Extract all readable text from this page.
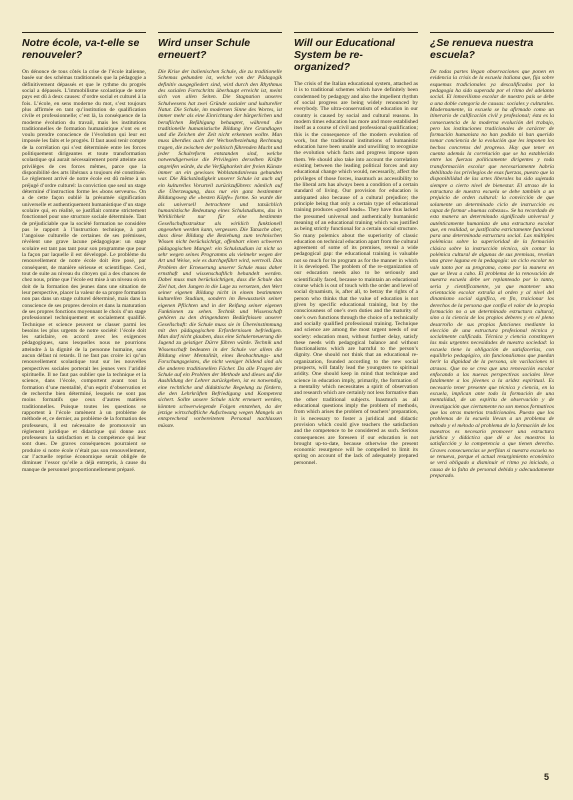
Notre école, va-t-elle se renouveler?

On dénonce de tous côtés la crise de l’école italienne, basée sur des schémas traditionnels que la pédagogie a définitivement dépassés et que le rythme du progrès social a dépassés. L’immobilisme scolastique de notre pays est dû à deux causes: d’ordre social et culturel à la fois. L’école, en sens moderne du mot, s’est toujours plus affirmée en tant qu’institution de qualification civile et professionnelle; c’est là, la conséquence de la moderne évolution du travail, mais les institutions traditionnelles de formation humanistique s’ont eu et voulu prendre conscience de l’évolution qui leur est imposée les faits et le progrès. Il faut aussi tenir compte de la corrélation qui s’est déterminée entre les forces politiquement dirigeantes et toute transformation scolastique qui aurait nécessairement porté atteinte aux privilèges de ces forces mêmes, parce que la disponibilité des arts libéraux a toujours été constituée. Le règlement arrivé de notre école est dû même à un préjugé d’ordre culturel: la conviction que seul un stage déterminé d’instruction forme les «bons serveurs». On a de cette façon oublié la présumée signification universelle et authentiquement humanistique d’un stage scolaire qui, en réalité, se justifiait comme strictement fonctionnel pour une structure sociale déterminée. Tant de préjudiciable que la société formation ne considère pas le rapport à l’instruction technique, à part l’angoisse culturelle de certaines de ses prémisses, révèlent une grave lacune pédagogique: un stage scolaire est tant pas tant pour son programme que pour la façon par laquelle il est développé. Le problème du renouvellement de notre école doit être posé, par conséquent, de manière sérieuse et scientifique. Ceci, tout de suite au niveau du citoyen qui a des chances de chez nous, prime que l’école est mise à un niveau où on doit de la formation des jeunes dans une situation de leur perspective, placer la valeur de sa propre formation non pas dans un stage culturel déterminé, mais dans la conscience de ses propres devoirs et dans la maturation de ses propres fonctions moyennant le choix d’un stage professionnel techniquement et socialement qualifié. Technique et science peuvent se classer parmi les besoins les plus urgents de notre société: l’école doit les satisfaire, en accord avec les exigences pédagogiques, sans lesquelles nous ne pourrions atteindre à la dignité de la personne humaine, sans aucun défaut ni retards. Il ne faut pas croire ici qu’un renouvellement scolastique tout sur les nouvelles perspectives sociales porterait les jeunes vers l’aridité spirituelle. Il ne faut pas oublier que la technique et la science, dans l’école, comportent avant tout la formation d’une mentalité, d’un esprit d’observation et de recherche bien déterminé, lesquels ne sont pas moins formatifs que ceux d’autres matières traditionnelles. Puisque toutes les questions se rapportent à l’école ramènent à un problème de méthode et, ce dernier, au problème de la formation des professeurs, il est nécessaire de promouvoir un règlement juridique et didactique qui donne aux professeurs la satisfaction et la compétence qui leur sont dues. De graves conséquences pourraient se produire si notre école n’était pas son renouvellement, car l’actuelle reprise économique serait obligée de diminuer l’essor qu’elle a déjà entrepris, à cause du manque de personnel proportionnellement préparé.

Wird unser Schule erneuert?

Die Krise der italienischen Schule, die zu traditionelle Schemas gebunden ist, welche von der Pädagogik definitiv ausgegliedert sind, wird durch den Rhythmus des sozialen Fortschritts überhaupt erreicht ist, meint sich von allen Seiten. Die Stagnation unseres Schulwesens hat zwei Gründe sozialer und kultureller Natur. Die Schule, im modernen Sinne des Wortes, ist immer mehr als eine Einrichtung der bürgerlichen und beruflichen Befähigung behauptet, während die traditionelle humanistische Bildung ihre Grundlagen und die Zeichen der Zeit nicht erkennen wollte. Man muss überdies auch der Wechselbeziehung Rechnung tragen, die zwischen der politisch führenden Macht und jeder Schulreform entstanden sind, welche notwendigerweise die Privilegien derselben Kräfte angreifen würde, da die Verfügbarkeit der freien Künste immer an ein gewisses Wohlstandsniveau gebunden war. Die Rückständigkeit unserer Schule ist auch auf ein kulturelles Vorurteil zurückzuführen: nämlich auf die Überzeugung, dass nur ein ganz bestimmter Bildungsweg die «besten Köpfe» forme. So wurde die als universell betrachtete und tatsächlich humanistische Bedeutung eines Schulstudiums, das in Wirklichkeit nur für eine bestimmte Gesellschaftsstruktur als wirklich funktionell angesehen werden kann, vergessen. Die Tatsache aber, dass diese Bildung die Beziehung zum technischen Wissen nicht berücksichtigt, offenbart einen schweren pädagogischen Mangel: ein Schulstudium ist nicht so sehr wegen seines Programms als vielmehr wegen der Art und Weise, wie es durchgeführt wird, wertvoll. Das Problem der Erneuerung unserer Schule muss daher ernsthaft und wissenschaftlich behandelt werden. Dabei muss man berücksichtigen, dass die Schule das Ziel hat, den Jungen in die Lage zu versetzen, den Wert seiner eigenen Bildung nicht in einem bestimmten kulturellen Studium, sondern im Bewusstsein seiner eigenen Pflichten und in der Reifung seiner eigenen Funktionen zu sehen. Technik und Wissenschaft gehören zu den dringendsten Bedürfnissen unserer Gesellschaft: die Schule muss sie in Übereinstimmung mit den pädagogischen Erfordernissen befriedigen. Man darf nicht glauben, dass eine Schulerneuerung die Jugend zu geistiger Dürre führen würde. Technik und Wissenschaft bedeuten in der Schule vor allem die Bildung einer Mentalität, eines Beobachtungs- und Forschungsgeistes, die nicht weniger bildend sind als die anderen traditionellen Fächer. Da alle Fragen der Schule auf ein Problem der Methode und dieses auf die Ausbildung der Lehrer zurückgehen, ist es notwendig, eine rechtliche und didaktische Regelung zu fördern, die den Lehrkräften Befriedigung und Kompetenz sichert. Sollte unsere Schule nicht erneuert werden, könnten schwerwiegende Folgen entstehen, da der jetzige wirtschaftliche Aufschwung wegen Mangels an entsprechend vorbereitetem Personal nachlassen müsste.

Will our Educational System be re-organized?

The crisis of the Italian educational system, attached as it is to traditional schemes which have definitely been condemned by pedagogy and also the impellent rhythm of social progress are being widely renounced by everybody. The ultra-conservatism of education in our country is caused by social and cultural reasons. In modern times education has more and more established itself as a course of civil and professional qualification; this is the consequence of the modern evolution of work, but the traditional institutions of humanistic education have been unable and unwilling to recognize the evolution which facts and progress impose upon them. We should also take into account the correlation existing between the leading political forces and any educational change which would, necessarily, affect the privileges of those forces, inasmuch as accessibility to the liberal arts has always been a condition of a certain standard of living. Our provision for education is antiquated also because of a cultural prejudice; the principle being that only a certain type of educational training produces «good heads». They have thus lacked the presumed universal and authentically humanistic meaning of an educational training which was justified as being strictly functional for a certain social structure. So many polemics about the superiority of classic education on technical education apart from the cultural agreement of some of its premises, reveal a wide pedagogical gap: the educational training is valuable not so much for its program as for the manner in which it is developed. The problem of the re-organization of our education needs also to be seriously and scientifically faced, because to maintain an educational course which is out of touch with the order and level of social dynamism, is, after all, to betray the rights of a person who thinks that the value of education is not given by specific educational training, but by the consciousness of one’s own duties and the maturity of one’s own functions through the choice of a technically and socially qualified professional training. Technique and science are among the most urgent needs of our society: education must, without further delay, satisfy these needs with pedagogical balance and without functionalisms which are harmful to the person’s dignity. One should not think that an educational re-organization, founded according to the new social prospects, will fatally lead the youngsters to spiritual aridity. One should keep in mind that technique and science in education imply, primarily, the formation of a mentality which necessitates a spirit of observation and research which are certainly not less formative than the other traditional subjects. Inasmuch as all educational questions imply the problem of methods, from which arises the problem of teachers’ preparation, it is necessary to foster a juridical and didactic provision which could give teachers the satisfaction and the competence to be considered as such. Serious consequences are foreseen if our education is not brought up-to-date, because otherwise the present economic resurgence will be compelled to limit its spring on account of the lack of adequately prepared personnel.

¿Se renueva nuestra escuela?

De todas partes llegan observaciones que ponen en evidencia la crisis de la escuela italiana que, fija sobre esquemas tradicionales ya descalificados por la pedagogía ha sido superada por el ritmo del adelanto social. El inmovilismo escolar de nuestro país se debe a una doble categoría de causas: sociales y culturales. Modernamente, la escuela se ha afirmado como un itinerario de calificación civil y profesional; ésta es la consecuencia de la moderna evolución del trabajo, pero las instituciones tradicionales de carácter de formación humanista no han podido ni han querido tomar conciencia de la evolución que les imponen los hechos concretos del progreso. Hay que tener en cuenta además la correlación que se ha establecido entre las fuerzas políticamente dirigentes y toda transformación escolar que necesariamente habría debilitado los privilegios de esas fuerzas, puesto que la disponibilidad de las artes liberales ha sido sujetada siempre a cierto nivel de bienestar. El atraso de la estructura de nuestra escuela se debe también a un prejuicio de orden cultural: la convicción de que solamente un determinado ciclo de instrucción es capaz de formar «buenas cabezas». Se ha recordado de esta manera un determinado significado universal y auténticamente humanista de una estructura escolar que, en realidad, se justificaba estrictamente funcional para una determinada estructura social. Las múltiples polémicas sobre la superioridad de la formación clásica sobre la instrucción técnica, sin contar la polémica cultural de algunas de sus premisas, revelan una grave laguna en la pedagogía: un ciclo escolar no vale tanto por su programa, como por la manera en que se lleva a cabo. El problema de la renovación de nuestra escuela debe ser replanteado por lo tanto, seria y científicamente, ya que mantener una orientación escolar extraña al orden y al nivel del dinamismo social significa, en fin, traicionar los derechos de la persona que confía el valor de la propia formación no a un determinado estructura cultural, sino a la ciencia de los propios deberes y en el pleno desarrollo de sus propias funciones mediante la elección de una estructura profesional técnica y socialmente calificada. Técnica y ciencia constituyen las más urgentes necesidades de nuestra sociedad: la escuela tiene la obligación de satisfacerlas, con equilibrio pedagógico, sin funcionalismos que puedan herir la dignidad de la persona, sin vacilaciones ni atrasos. Que no se crea que una renovación escolar enfocando a las nuevas perspectivas sociales lleve fatalmente a los jóvenes a la aridez espiritual. Es necesario tener presente que técnica y ciencia, en la escuela, implican ante todo la formación de una mentalidad, de un espíritu de observación y de investigación que ciertamente no son menos formativos que las otras materias tradicionales. Puesto que los problemas de la escuela llevan a un problema de método y el método al problema de la formación de los maestros es necesario promover una estructura jurídica y didáctica que dé a los maestros la satisfacción y la competencia a que tienen derecho. Graves consecuencias se perfilan si nuestra escuela no se renueva, porque el actual resurgimiento económico se verá obligado a disminuir el ritmo ya iniciado, a causa de la falta de personal debida y adecuadamente preparado.

5
